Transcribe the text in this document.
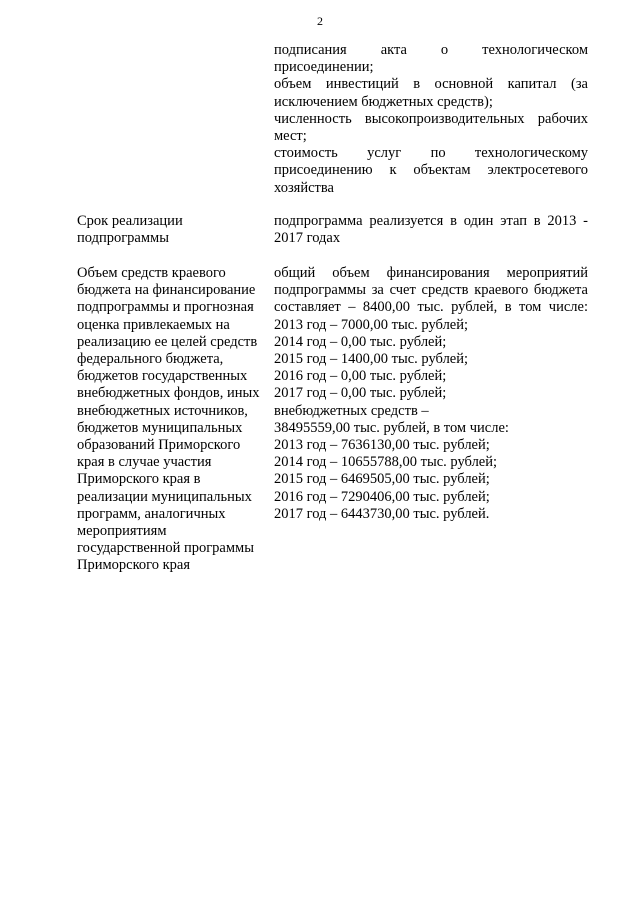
2
подписания акта о технологическом
присоединении;
объем инвестиций в основной капитал (за
исключением бюджетных средств);
численность высокопроизводительных рабочих
мест;
стоимость услуг по технологическому
присоединению к объектам электросетевого
хозяйства
Срок реализации
подпрограммы
подпрограмма реализуется в один этап в 2013 -
2017 годах
Объем средств краевого
бюджета на финансирование
подпрограммы и прогнозная
оценка привлекаемых на
реализацию ее целей средств
федерального бюджета,
бюджетов государственных
внебюджетных фондов, иных
внебюджетных источников,
бюджетов муниципальных
образований Приморского
края в случае участия
Приморского края в
реализации муниципальных
программ, аналогичных
мероприятиям
государственной программы
Приморского края
общий объем финансирования мероприятий
подпрограммы за счет средств краевого бюджета
составляет – 8400,00 тыс. рублей, в том числе:
2013 год – 7000,00 тыс. рублей;
2014 год – 0,00 тыс. рублей;
2015 год – 1400,00 тыс. рублей;
2016 год – 0,00 тыс. рублей;
2017 год – 0,00 тыс. рублей;
внебюджетных средств –
38495559,00 тыс. рублей, в том числе:
2013 год – 7636130,00 тыс. рублей;
2014 год – 10655788,00 тыс. рублей;
2015 год – 6469505,00 тыс. рублей;
2016 год – 7290406,00 тыс. рублей;
2017 год – 6443730,00 тыс. рублей.
